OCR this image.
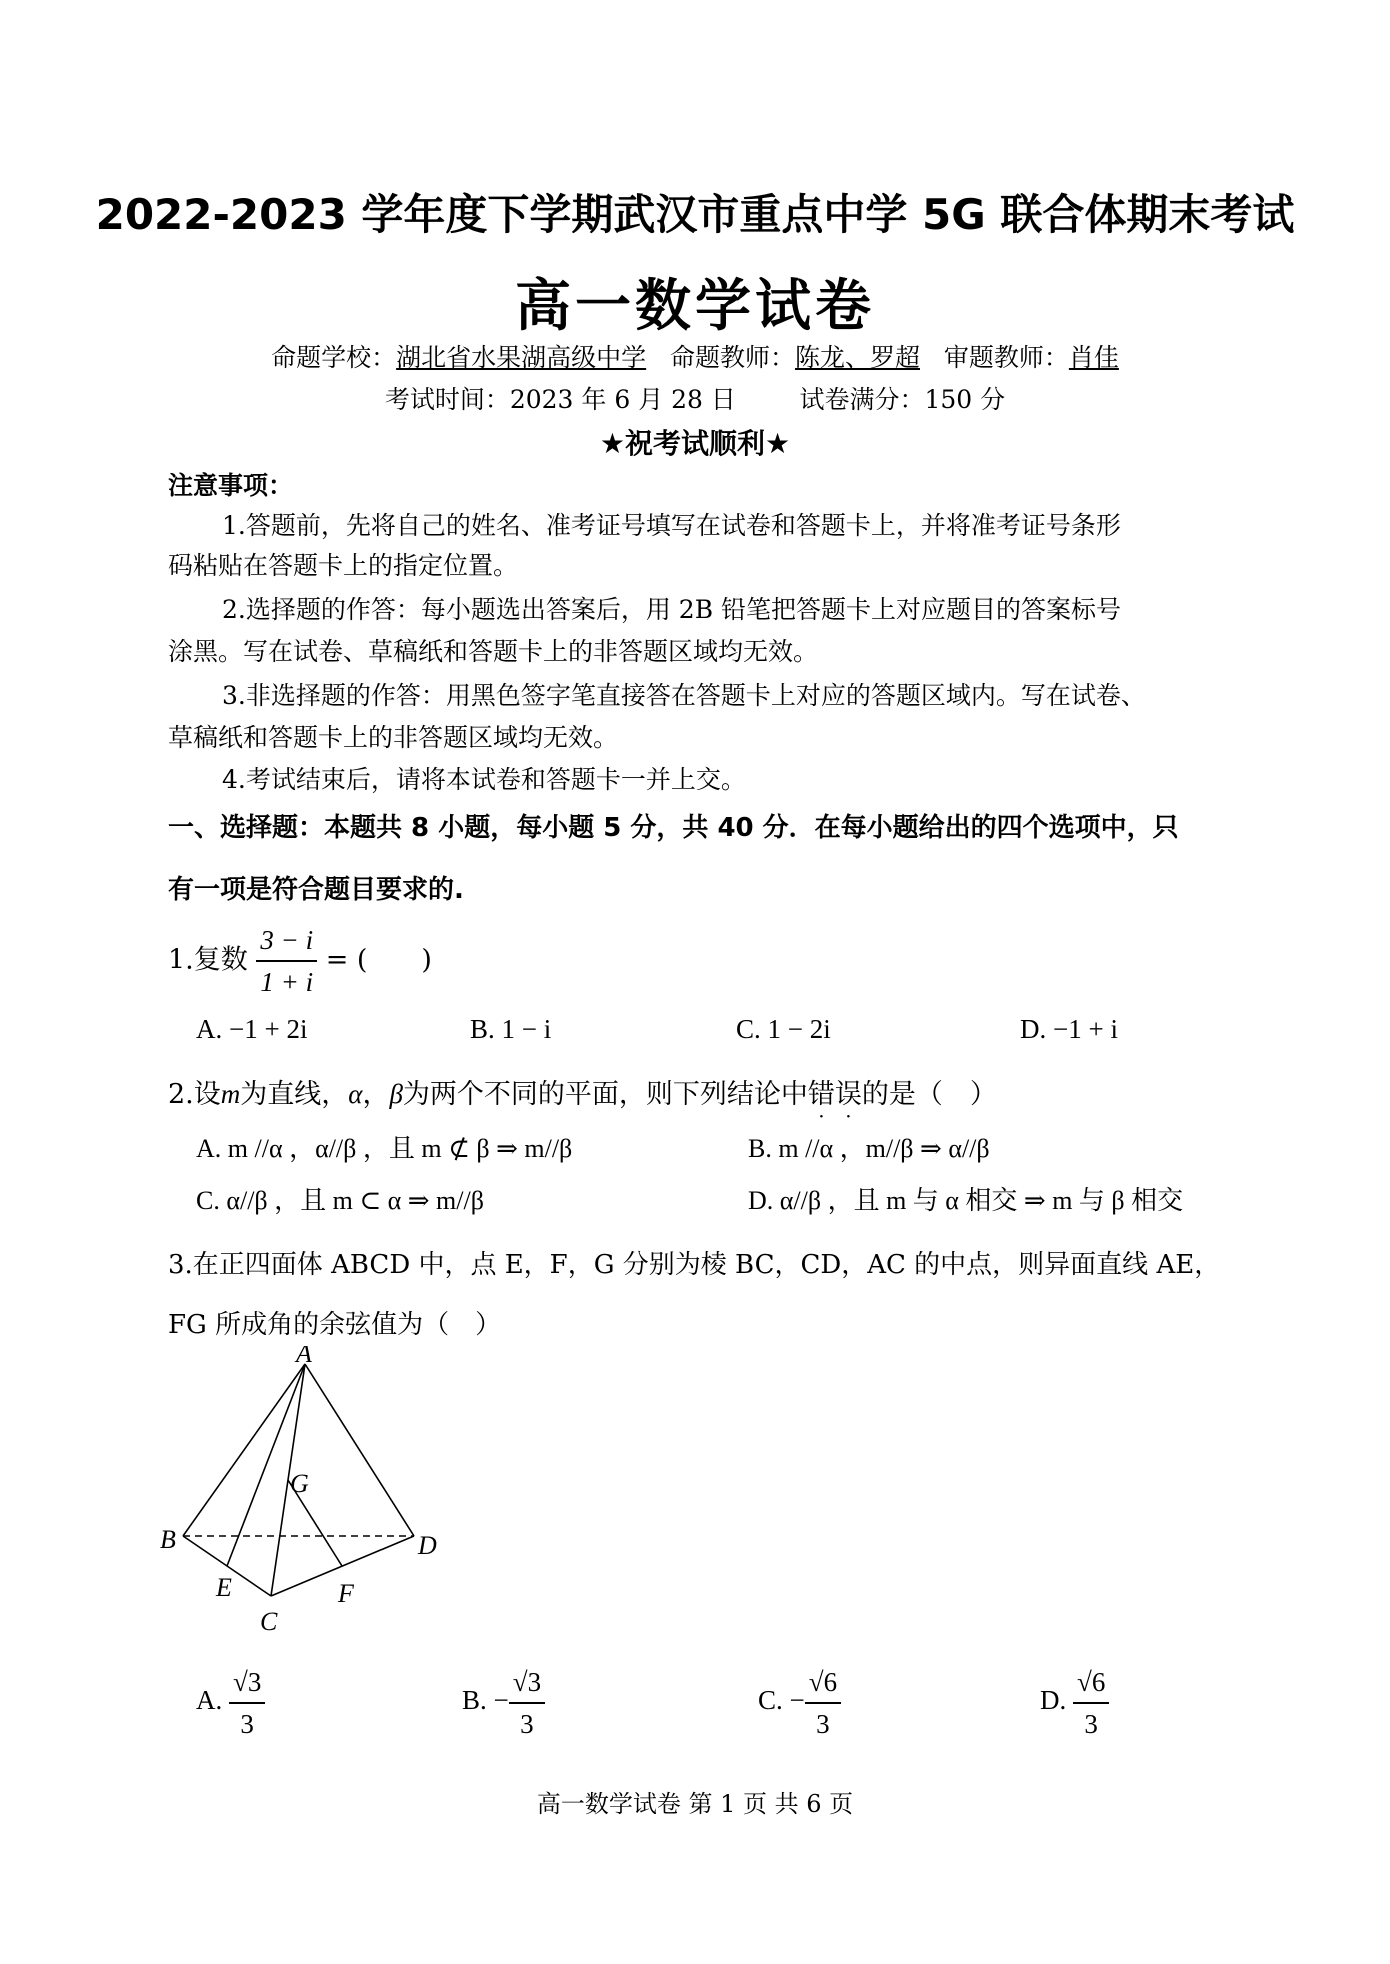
2022-2023 学年度下学期武汉市重点中学 5G 联合体期末考试
高一数学试卷
命题学校：湖北省水果湖高级中学 命题教师：陈龙、罗超 审题教师：肖佳
考试时间：2023 年 6 月 28 日	试卷满分：150 分
★祝考试顺利★
注意事项：
1.答题前，先将自己的姓名、准考证号填写在试卷和答题卡上，并将准考证号条形
码粘贴在答题卡上的指定位置。
2.选择题的作答：每小题选出答案后，用 2B 铅笔把答题卡上对应题目的答案标号
涂黑。写在试卷、草稿纸和答题卡上的非答题区域均无效。
3.非选择题的作答：用黑色签字笔直接答在答题卡上对应的答题区域内。写在试卷、
草稿纸和答题卡上的非答题区域均无效。
4.考试结束后，请将本试卷和答题卡一并上交。
一、选择题：本题共 8 小题，每小题 5 分，共 40 分．在每小题给出的四个选项中，只
有一项是符合题目要求的.
1.复数 $\frac{3 - i}{1 + i}$ = (　　)
A. −1 + 2i	B. 1 − i	C. 1 − 2i	D. −1 + i
2.设m为直线，α，β为两个不同的平面，则下列结论中错误的是（　）
A. m //α ，α//β ，且 m ⊄ β ⇒ m//β	B. m //α ，m//β ⇒ α//β
C. α//β ，且 m ⊂ α ⇒ m//β	D. α//β ，且 m 与 α 相交 ⇒ m 与 β 相交
3.在正四面体 ABCD 中，点 E，F，G 分别为棱 BC，CD，AC 的中点，则异面直线 AE，
FG 所成角的余弦值为（　）
A
B
C
D
E	F
G
A. $\frac{√3}{3}$	B. − $\frac{√3}{3}$	C. − $\frac{√6}{3}$	D. $\frac{√6}{3}$
高一数学试卷 第 1 页 共 6 页
